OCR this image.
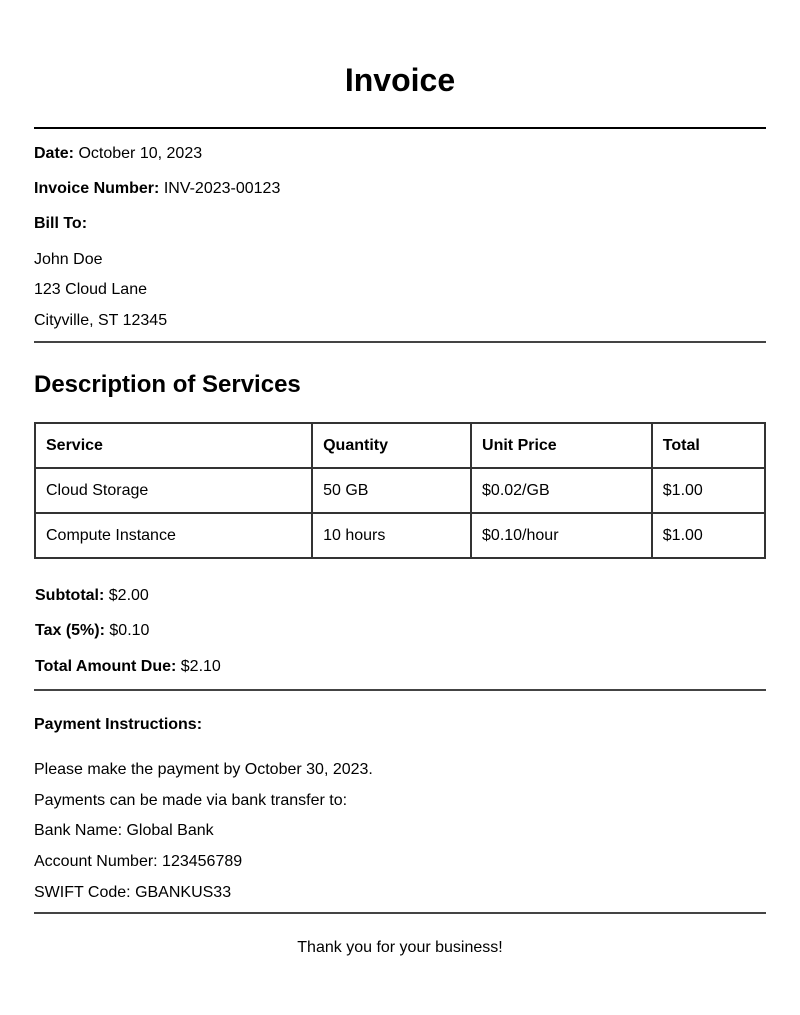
Invoice
Date: October 10, 2023
Invoice Number: INV-2023-00123
Bill To:
John Doe
123 Cloud Lane
Cityville, ST 12345
Description of Services
Service	Quantity	Unit Price	Total
Cloud Storage	50 GB	$0.02/GB	$1.00
Compute Instance	10 hours	$0.10/hour	$1.00
Subtotal: $2.00
Tax (5%): $0.10
Total Amount Due: $2.10
Payment Instructions:
Please make the payment by October 30, 2023.
Payments can be made via bank transfer to:
Bank Name: Global Bank
Account Number: 123456789
SWIFT Code: GBANKUS33
Thank you for your business!
